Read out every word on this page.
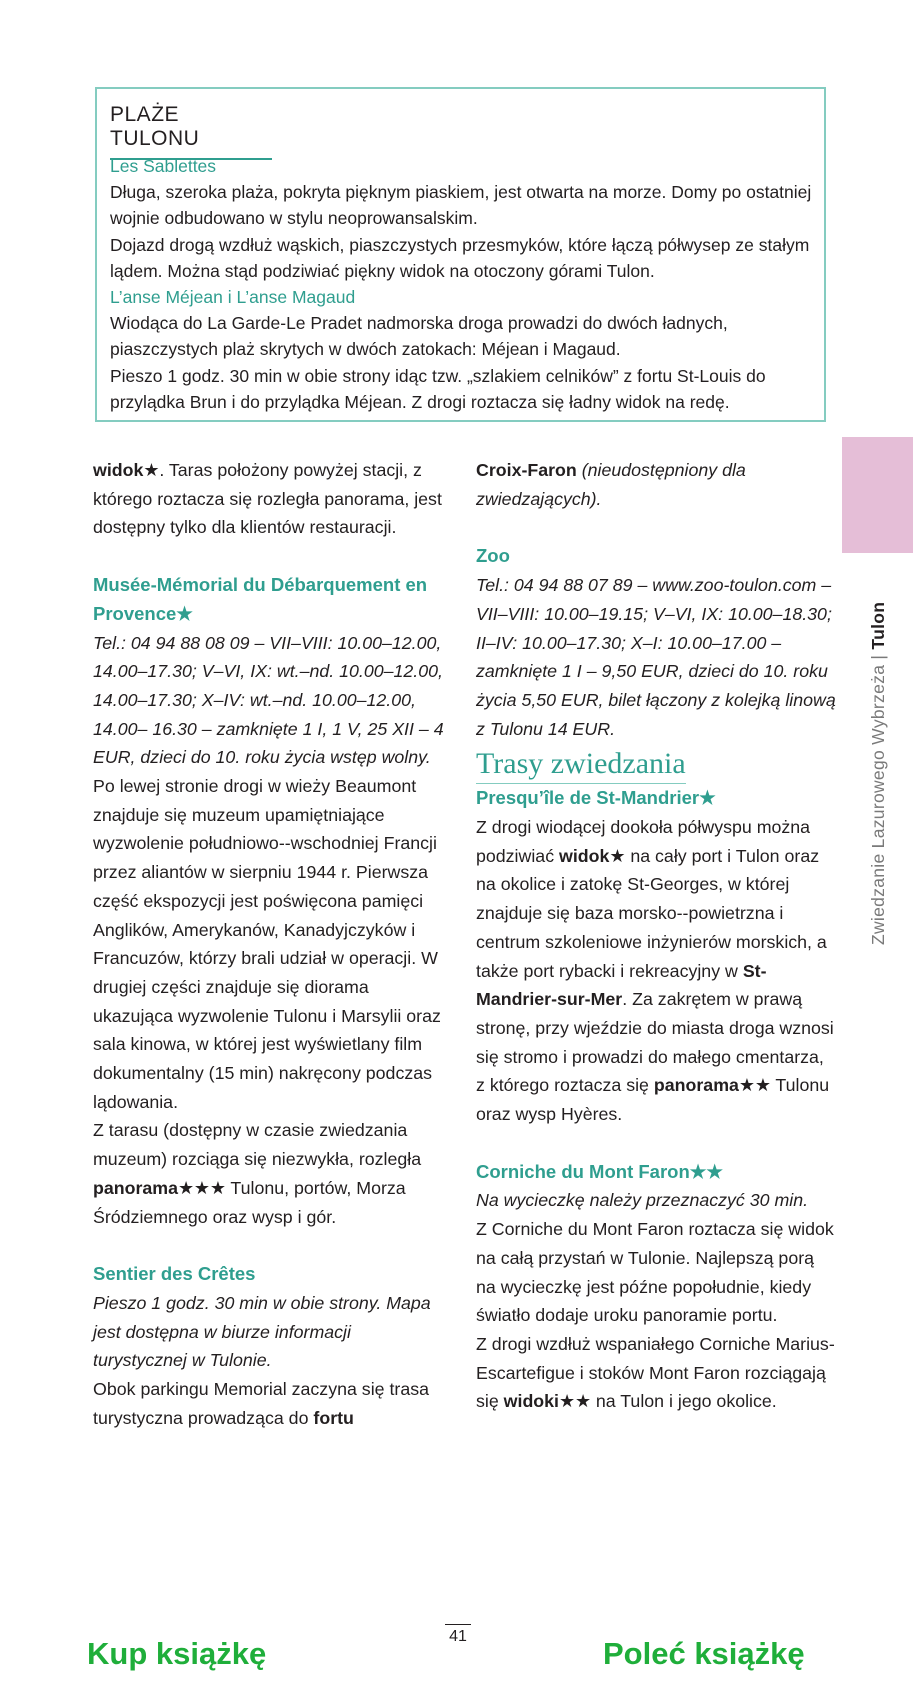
PLAŻE TULONU
Les Sablettes

Długa, szeroka plaża, pokryta pięknym piaskiem, jest otwarta na morze. Domy po ostatniej wojnie odbudowano w stylu neoprowansalskim.

Dojazd drogą wzdłuż wąskich, piaszczystych przesmyków, które łączą półwysep ze stałym lądem. Można stąd podziwiać piękny widok na otoczony górami Tulon.

L’anse Méjean i L’anse Magaud

Wiodąca do La Garde-Le Pradet nadmorska droga prowadzi do dwóch ładnych, piaszczystych plaż skrytych w dwóch zatokach: Méjean i Magaud.

Pieszo 1 godz. 30 min w obie strony idąc tzw. „szlakiem celników” z fortu St-Louis do przylądka Brun i do przylądka Méjean. Z drogi roztacza się ładny widok na redę.

widok★. Taras położony powyżej stacji, z którego roztacza się rozległa panorama, jest dostępny tylko dla klientów restauracji.

Musée-Mémorial du Débarquement en Provence★

Tel.: 04 94 88 08 09 – VII–VIII: 10.00–12.00, 14.00–17.30; V–VI, IX: wt.–nd. 10.00–12.00, 14.00–17.30; X–IV: wt.–nd. 10.00–12.00, 14.00– 16.30 – zamknięte 1 I, 1 V, 25 XII – 4 EUR, dzieci do 10. roku życia wstęp wolny.

Po lewej stronie drogi w wieży Beaumont znajduje się muzeum upamiętniające wyzwolenie południowo--wschodniej Francji przez aliantów w sierpniu 1944 r. Pierwsza część ekspozycji jest poświęcona pamięci Anglików, Amerykanów, Kanadyjczyków i Francuzów, którzy brali udział w operacji. W drugiej części znajduje się diorama ukazująca wyzwolenie Tulonu i Marsylii oraz sala kinowa, w której jest wyświetlany film dokumentalny (15 min) nakręcony podczas lądowania.

Z tarasu (dostępny w czasie zwiedzania muzeum) rozciąga się niezwykła, rozległa panorama★★★ Tulonu, portów, Morza Śródziemnego oraz wysp i gór.

Sentier des Crêtes

Pieszo 1 godz. 30 min w obie strony. Mapa jest dostępna w biurze informacji turystycznej w Tulonie.

Obok parkingu Memorial zaczyna się trasa turystyczna prowadząca do fortu

Croix-Faron (nieudostępniony dla zwiedzających).

Zoo

Tel.: 04 94 88 07 89 – www.zoo-toulon.com – VII–VIII: 10.00–19.15; V–VI, IX: 10.00–18.30; II–IV: 10.00–17.30; X–I: 10.00–17.00 – zamknięte 1 I – 9,50 EUR, dzieci do 10. roku życia 5,50 EUR, bilet łączony z kolejką linową z Tulonu 14 EUR.

Trasy zwiedzania
Presqu’île de St-Mandrier★

Z drogi wiodącej dookoła półwyspu można podziwiać widok★ na cały port i Tulon oraz na okolice i zatokę St-Georges, w której znajduje się baza morsko--powietrzna i centrum szkoleniowe inżynierów morskich, a także port rybacki i rekreacyjny w St-Mandrier-sur-Mer. Za zakrętem w prawą stronę, przy wjeździe do miasta droga wznosi się stromo i prowadzi do małego cmentarza, z którego roztacza się panorama★★ Tulonu oraz wysp Hyères.

Corniche du Mont Faron★★

Na wycieczkę należy przeznaczyć 30 min.

Z Corniche du Mont Faron roztacza się widok na całą przystań w Tulonie. Najlepszą porą na wycieczkę jest późne popołudnie, kiedy światło dodaje uroku panoramie portu.

Z drogi wzdłuż wspaniałego Corniche Marius-Escartefigue i stoków Mont Faron rozciągają się widoki★★ na Tulon i jego okolice.

Zwiedzanie Lazurowego Wybrzeża | Tulon
41
Kup książkę	Poleć książkę
